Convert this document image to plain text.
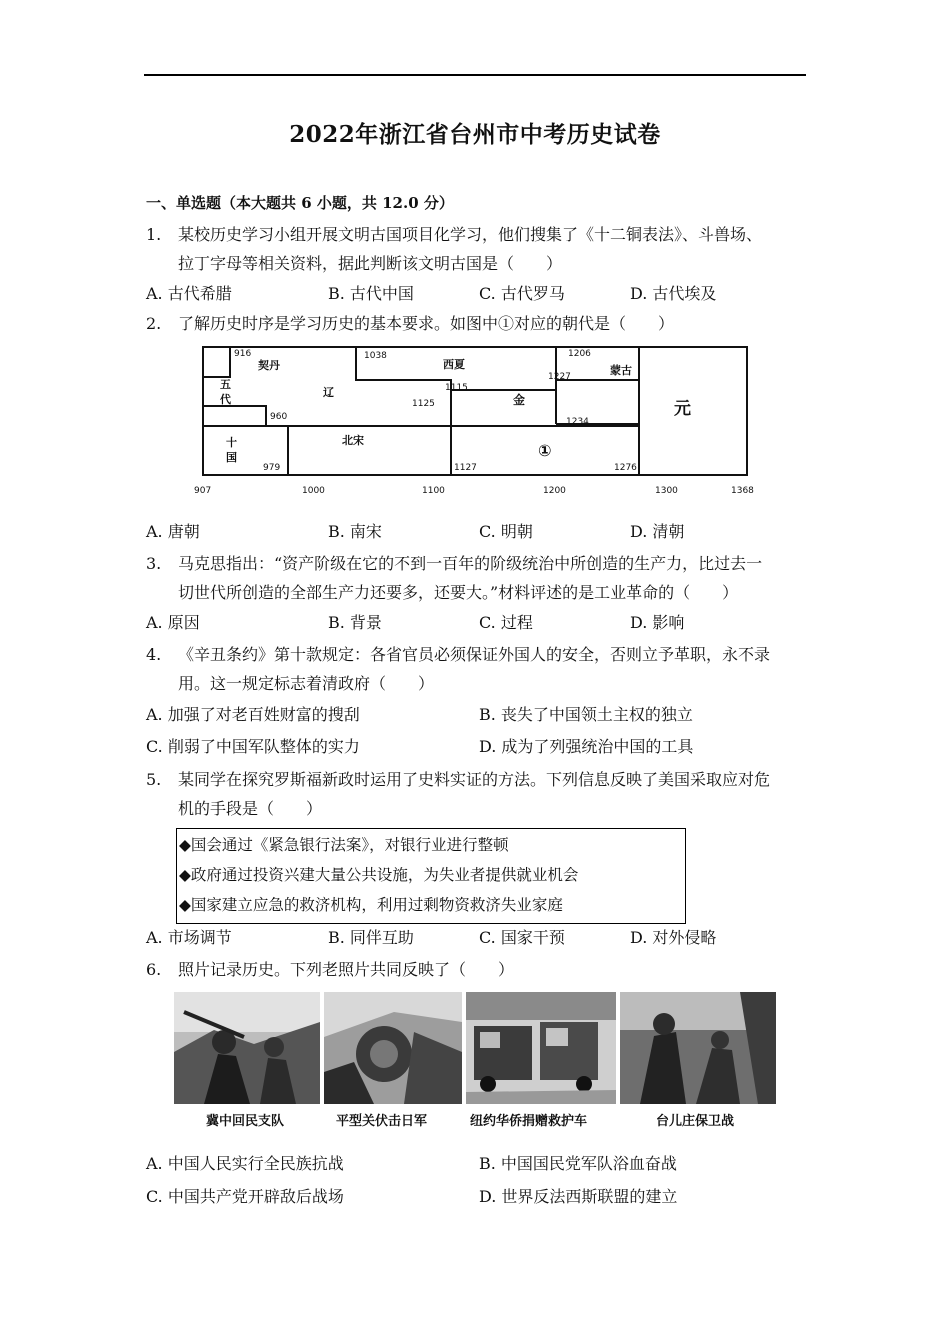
2022年浙江省台州市中考历史试卷
一、单选题（本大题共 6 小题，共 12.0 分）
1. 某校历史学习小组开展文明古国项目化学习，他们搜集了《十二铜表法》、斗兽场、
拉丁字母等相关资料，据此判断该文明古国是（　　）
A. 古代希腊	B. 古代中国	C. 古代罗马	D. 古代埃及
2. 了解历史时序是学习历史的基本要求。如图中①对应的朝代是（　　）
916	1038	1206
1115
1227
1125
960	1234
979	1127	1276
契丹	西夏	蒙古
辽
金	元
五
代
十
国
北宋
①
907	1000	1100	1200	1300	1368
A. 唐朝	B. 南宋	C. 明朝	D. 清朝
3. 马克思指出：“资产阶级在它的不到一百年的阶级统治中所创造的生产力，比过去一
切世代所创造的全部生产力还要多，还要大。”材料评述的是工业革命的（　　）
A. 原因	B. 背景	C. 过程	D. 影响
4. 《辛丑条约》第十款规定：各省官员必须保证外国人的安全，否则立予革职，永不录
用。这一规定标志着清政府（　　）
A. 加强了对老百姓财富的搜刮	B. 丧失了中国领土主权的独立
C. 削弱了中国军队整体的实力	D. 成为了列强统治中国的工具
5. 某同学在探究罗斯福新政时运用了史料实证的方法。下列信息反映了美国采取应对危
机的手段是（　　）
◆国会通过《紧急银行法案》，对银行业进行整顿
◆政府通过投资兴建大量公共设施，为失业者提供就业机会
◆国家建立应急的救济机构，利用过剩物资救济失业家庭
A. 市场调节	B. 同伴互助	C. 国家干预	D. 对外侵略
6. 照片记录历史。下列老照片共同反映了（　　）
冀中回民支队	平型关伏击日军	纽约华侨捐赠救护车	台儿庄保卫战
A. 中国人民实行全民族抗战	B. 中国国民党军队浴血奋战
C. 中国共产党开辟敌后战场	D. 世界反法西斯联盟的建立
